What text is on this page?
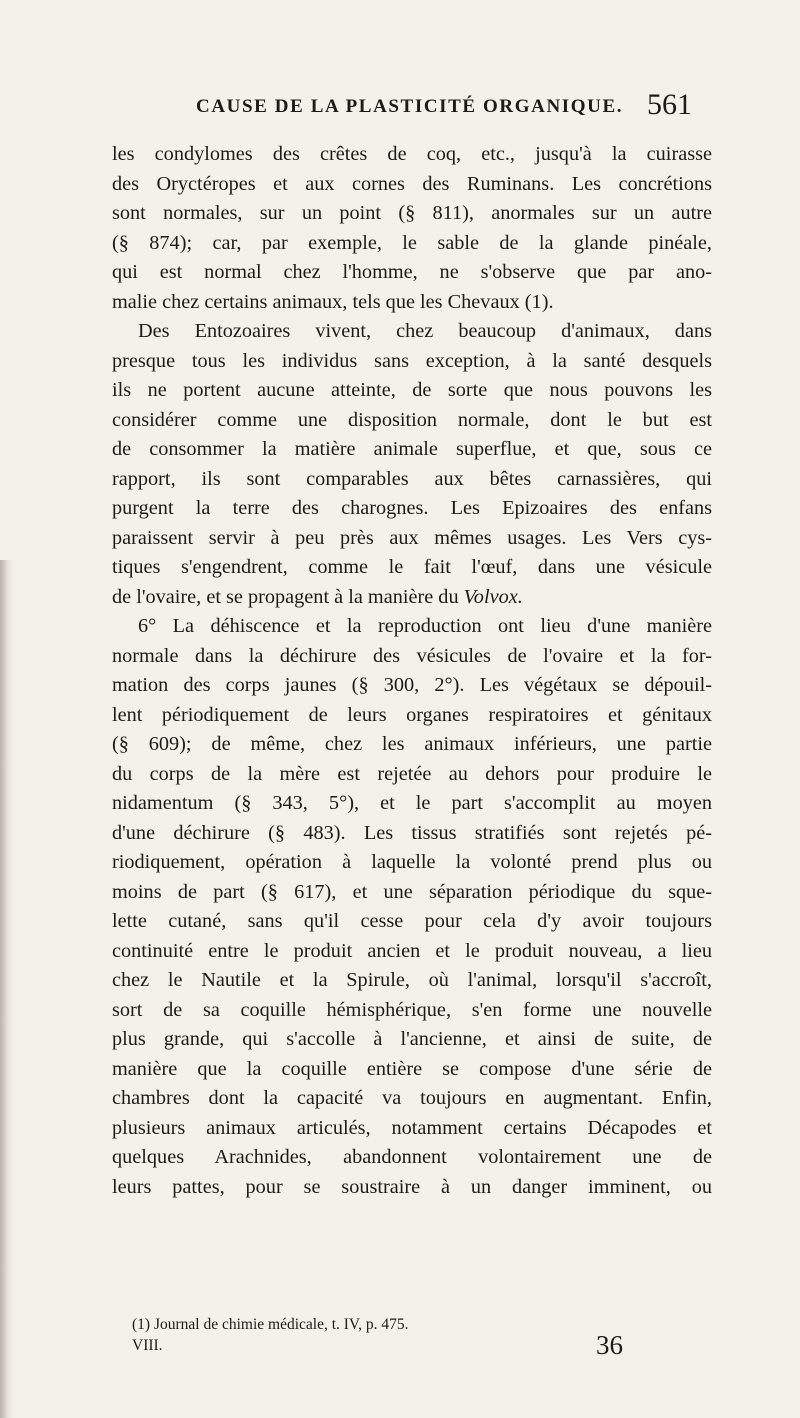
CAUSE DE LA PLASTICITÉ ORGANIQUE. 561
les condylomes des crêtes de coq, etc., jusqu'à la cuirasse
des Oryctéropes et aux cornes des Ruminans. Les concrétions
sont normales, sur un point (§ 811), anormales sur un autre
(§ 874); car, par exemple, le sable de la glande pinéale,
qui est normal chez l'homme, ne s'observe que par ano-
malie chez certains animaux, tels que les Chevaux (1).
Des Entozoaires vivent, chez beaucoup d'animaux, dans
presque tous les individus sans exception, à la santé desquels
ils ne portent aucune atteinte, de sorte que nous pouvons les
considérer comme une disposition normale, dont le but est
de consommer la matière animale superflue, et que, sous ce
rapport, ils sont comparables aux bêtes carnassières, qui
purgent la terre des charognes. Les Epizoaires des enfans
paraissent servir à peu près aux mêmes usages. Les Vers cys-
tiques s'engendrent, comme le fait l'œuf, dans une vésicule
de l'ovaire, et se propagent à la manière du Volvox.
6° La déhiscence et la reproduction ont lieu d'une manière
normale dans la déchirure des vésicules de l'ovaire et la for-
mation des corps jaunes (§ 300, 2°). Les végétaux se dépouil-
lent périodiquement de leurs organes respiratoires et génitaux
(§ 609); de même, chez les animaux inférieurs, une partie
du corps de la mère est rejetée au dehors pour produire le
nidamentum (§ 343, 5°), et le part s'accomplit au moyen
d'une déchirure (§ 483). Les tissus stratifiés sont rejetés pé-
riodiquement, opération à laquelle la volonté prend plus ou
moins de part (§ 617), et une séparation périodique du sque-
lette cutané, sans qu'il cesse pour cela d'y avoir toujours
continuité entre le produit ancien et le produit nouveau, a lieu
chez le Nautile et la Spirule, où l'animal, lorsqu'il s'accroît,
sort de sa coquille hémisphérique, s'en forme une nouvelle
plus grande, qui s'accolle à l'ancienne, et ainsi de suite, de
manière que la coquille entière se compose d'une série de
chambres dont la capacité va toujours en augmentant. Enfin,
plusieurs animaux articulés, notamment certains Décapodes et
quelques Arachnides, abandonnent volontairement une de
leurs pattes, pour se soustraire à un danger imminent, ou
(1) Journal de chimie médicale, t. IV, p. 475.
VIII.	36
